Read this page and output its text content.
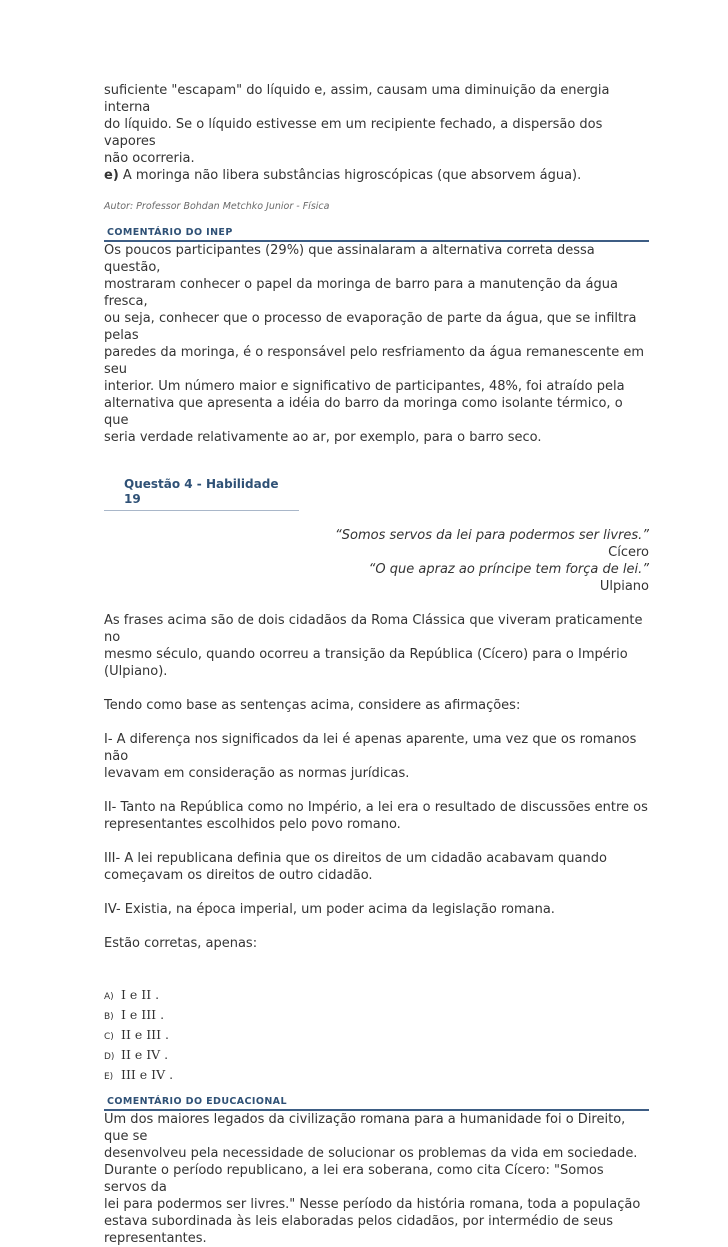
suficiente "escapam" do líquido e, assim, causam uma diminuição da energia interna

do líquido. Se o líquido estivesse em um recipiente fechado, a dispersão dos vapores

não ocorreria.

e) A moringa não libera substâncias higroscópicas (que absorvem água).

Autor: Professor Bohdan Metchko Junior - Física

COMENTÁRIO DO INEP

Os poucos participantes (29%) que assinalaram a alternativa correta dessa questão,

mostraram conhecer o papel da moringa de barro para a manutenção da água fresca,

ou seja, conhecer que o processo de evaporação de parte da água, que se infiltra pelas

paredes da moringa, é o responsável pelo resfriamento da água remanescente em seu

interior. Um número maior e significativo de participantes, 48%, foi atraído pela

alternativa que apresenta a idéia do barro da moringa como isolante térmico, o que

seria verdade relativamente ao ar, por exemplo, para o barro seco.

Questão 4 - Habilidade 19
“Somos servos da lei para podermos ser livres.”
Cícero
“O que apraz ao príncipe tem força de lei.”
Ulpiano

As frases acima são de dois cidadãos da Roma Clássica que viveram praticamente no

mesmo século, quando ocorreu a transição da República (Cícero) para o Império

(Ulpiano).

Tendo como base as sentenças acima, considere as afirmações:

I- A diferença nos significados da lei é apenas aparente, uma vez que os romanos não

levavam em consideração as normas jurídicas.

II- Tanto na República como no Império, a lei era o resultado de discussões entre os

representantes escolhidos pelo povo romano.

III- A lei republicana definia que os direitos de um cidadão acabavam quando

começavam os direitos de outro cidadão.

IV- Existia, na época imperial, um poder acima da legislação romana.

Estão corretas, apenas:

A) I e II .
B) I e III .
C) II e III .
D) II e IV .
E) III e IV .
COMENTÁRIO DO EDUCACIONAL

Um dos maiores legados da civilização romana para a humanidade foi o Direito, que se

desenvolveu pela necessidade de solucionar os problemas da vida em sociedade.

Durante o período republicano, a lei era soberana, como cita Cícero: "Somos servos da

lei para podermos ser livres." Nesse período da história romana, toda a população

estava subordinada às leis elaboradas pelos cidadãos, por intermédio de seus

representantes.
